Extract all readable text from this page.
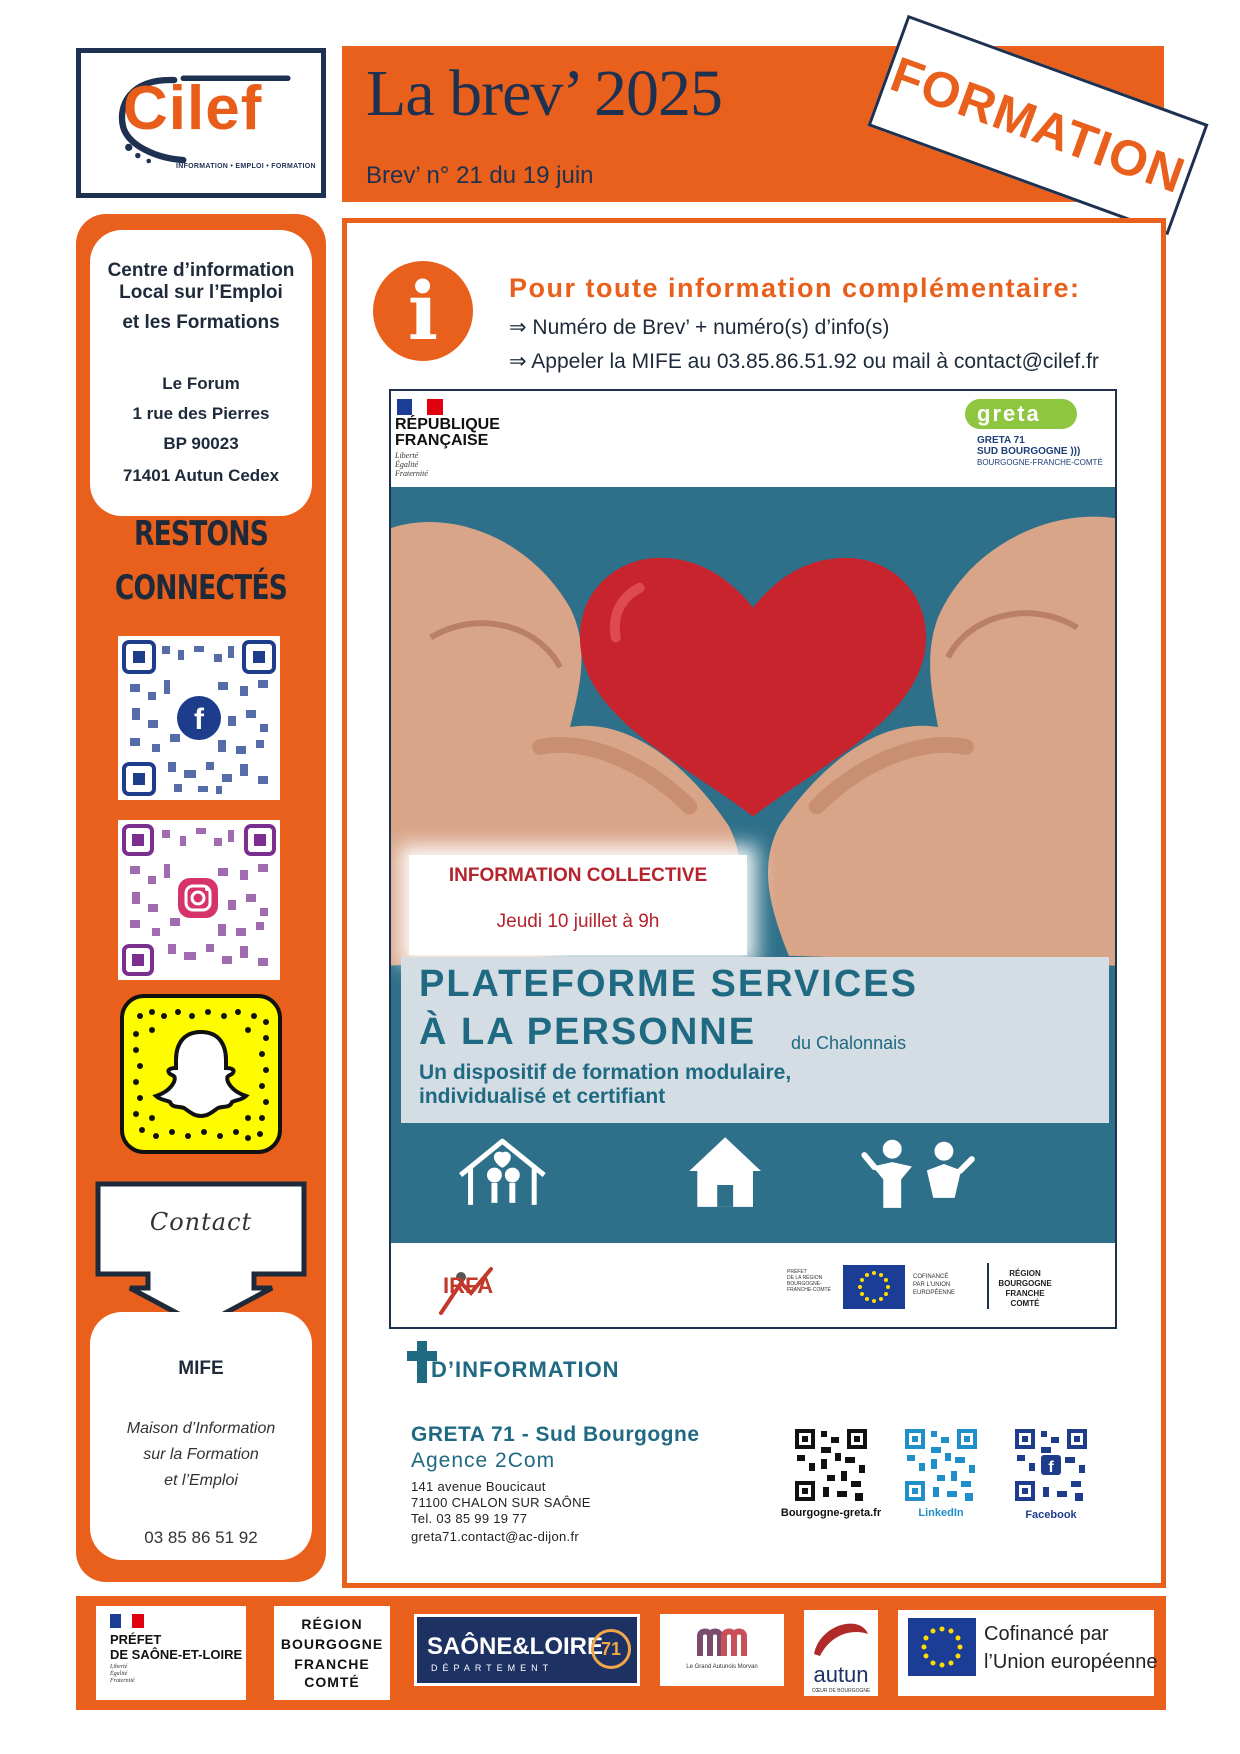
Cilef
INFORMATION • EMPLOI • FORMATION
La brev’ 2025
Brev’ n° 21 du 19 juin	FORMATION
Centre d’information
Local sur l’Emploi
et les Formations
Le Forum
1 rue des Pierres
BP 90023
71401 Autun Cedex
RESTONS
CONNECTÉS
f
Contact
MIFE
Maison d’Information
sur la Formation
et l’Emploi
03 85 86 51 92
i	Pour toute information complémentaire:
⇒ Numéro de Brev’ + numéro(s) d’info(s)
⇒ Appeler la MIFE au 03.85.86.51.92 ou mail à contact@cilef.fr
RÉPUBLIQUE
FRANÇAISE
Liberté
Égalité
Fraternité
greta
GRETA 71
SUD BOURGOGNE )))
BOURGOGNE-FRANCHE-COMTÉ
INFORMATION COLLECTIVE
Jeudi 10 juillet à 9h
PLATEFORME SERVICES
À LA PERSONNE du Chalonnais
Un dispositif de formation modulaire,
individualisé et certifiant
IRFA
PRÉFET
DE LA RÉGION
BOURGOGNE-
FRANCHE-COMTÉ
COFINANCÉ
PAR L’UNION
EUROPÉENNE
RÉGION
BOURGOGNE
FRANCHE
COMTÉ
D’INFORMATION
GRETA 71 - Sud Bourgogne
Agence 2Com
141 avenue Boucicaut
71100 CHALON SUR SAÔNE
Tel. 03 85 99 19 77
greta71.contact@ac-dijon.fr
Bourgogne-greta.fr	LinkedIn
f
Facebook
PRÉFET
DE SAÔNE-ET-LOIRE
Liberté
Égalité
Fraternité
RÉGION
BOURGOGNE
FRANCHE
COMTÉ
SAÔNE&LOIRE
DÉPARTEMENT
71
Le Grand Autunois Morvan	autun
CŒUR DE BOURGOGNE
Cofinancé par
l’Union européenne
